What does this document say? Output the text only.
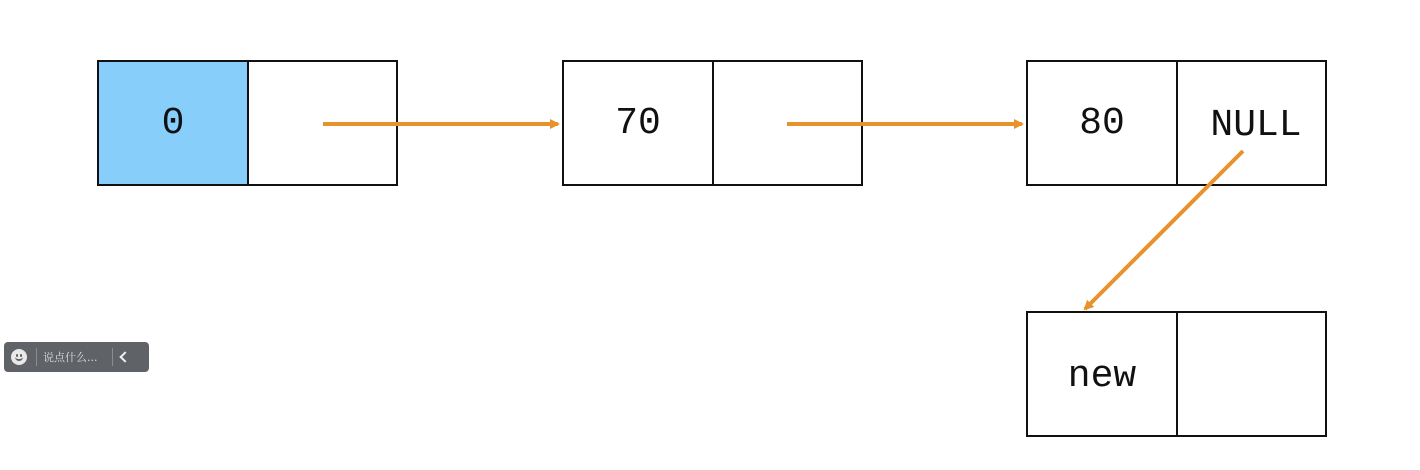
0	70	80 NULL
new
说点什么...
